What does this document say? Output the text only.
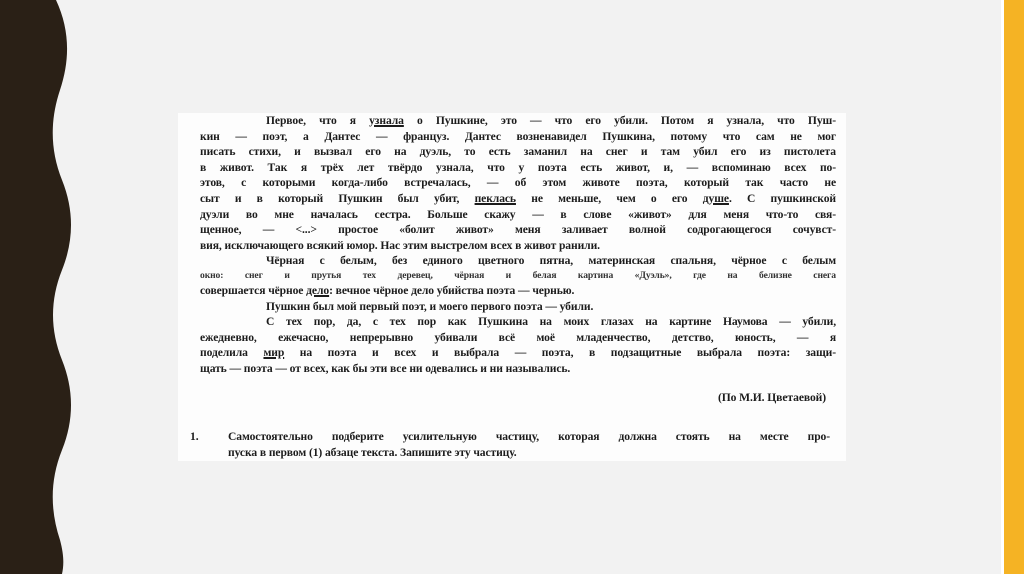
Первое, что я узнала о Пушкине, это — что его убили. Потом я узнала, что Пуш-
кин — поэт, а Дантес — француз. Дантес возненавидел Пушкина, потому что сам не мог
писать стихи, и вызвал его на дуэль, то есть заманил на снег и там убил его из пистолета
в живот. Так я трёх лет твёрдо узнала, что у поэта есть живот, и, — вспоминаю всех по-
этов, с которыми когда-либо встречалась, — об этом животе поэта, который так часто не
сыт и в который Пушкин был убит, пеклась не меньше, чем о его душе. С пушкинской
дуэли во мне началась сестра. Больше скажу — в слове «живот» для меня что-то свя-
щенное, — <...> простое «болит живот» меня заливает волной содрогающегося сочувст-
вия, исключающего всякий юмор. Нас этим выстрелом всех в живот ранили.
Чёрная с белым, без единого цветного пятна, материнская спальня, чёрное с белым
окно: снег и прутья тех деревец, чёрная и белая картина «Дуэль», где на белизне снега
совершается чёрное дело: вечное чёрное дело убийства поэта — чернью.
Пушкин был мой первый поэт, и моего первого поэта — убили.
С тех пор, да, с тех пор как Пушкина на моих глазах на картине Наумова — убили,
ежедневно, ежечасно, непрерывно убивали всё моё младенчество, детство, юность, — я
поделила мир на поэта и всех и выбрала — поэта, в подзащитные выбрала поэта: защи-
щать — поэта — от всех, как бы эти все ни одевались и ни назывались.
(По М.И. Цветаевой)
1.	Самостоятельно подберите усилительную частицу, которая должна стоять на месте про-
пуска в первом (1) абзаце текста. Запишите эту частицу.
